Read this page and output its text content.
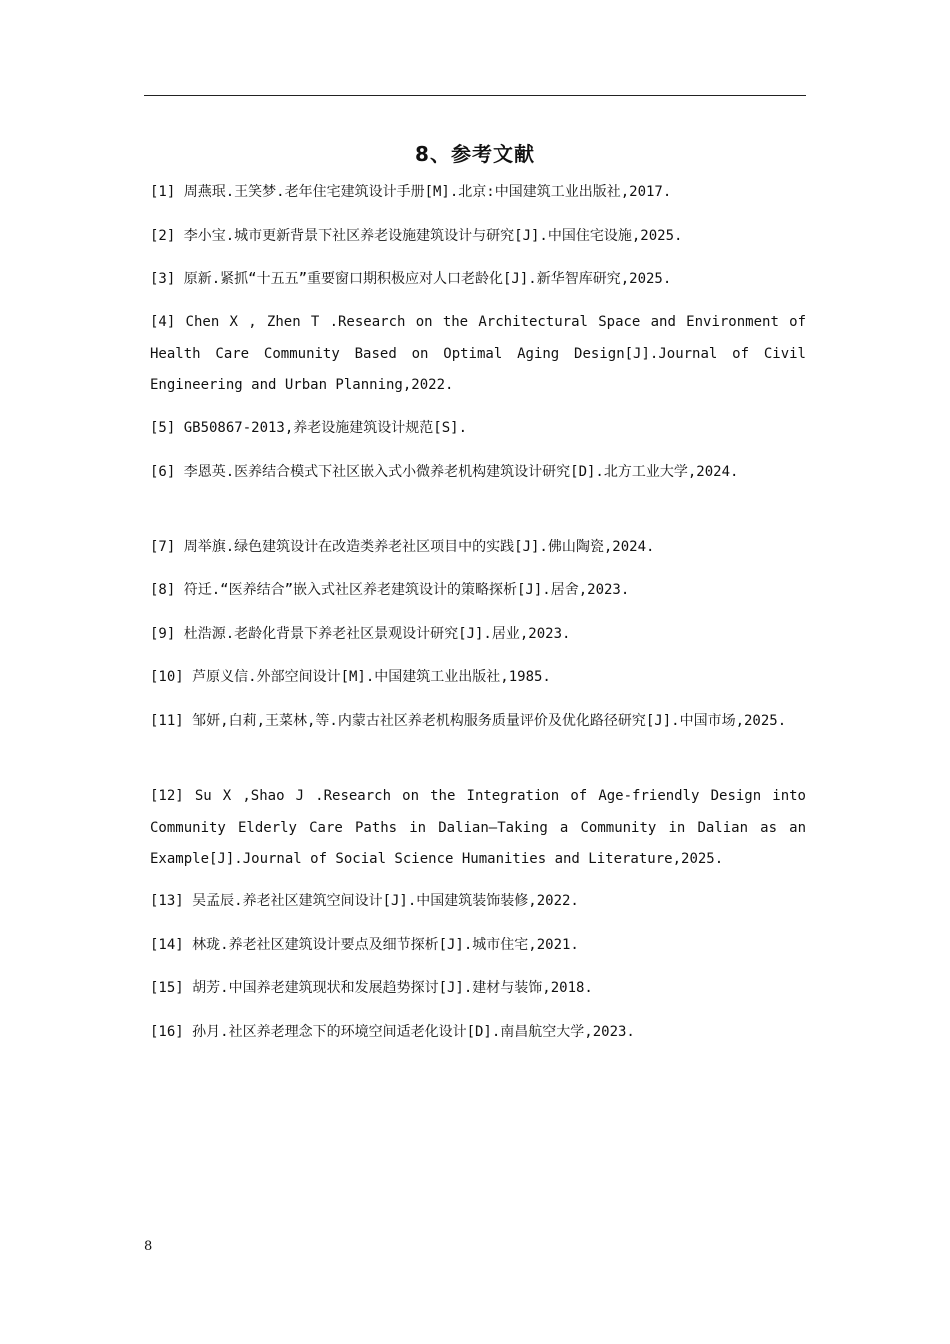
8、参考文献
[1] 周燕珉.王笑梦.老年住宅建筑设计手册[M].北京:中国建筑工业出版社,2017.
[2] 李小宝.城市更新背景下社区养老设施建筑设计与研究[J].中国住宅设施,2025.
[3] 原新.紧抓“十五五”重要窗口期积极应对人口老龄化[J].新华智库研究,2025.
[4] Chen X , Zhen T .Research on the Architectural Space and Environment of Health Care Community Based on Optimal Aging Design[J].Journal of Civil Engineering and Urban Planning,2022.
[5] GB50867-2013,养老设施建筑设计规范[S].
[6] 李恩英.医养结合模式下社区嵌入式小微养老机构建筑设计研究[D].北方工业大学,2024.
[7] 周举旗.绿色建筑设计在改造类养老社区项目中的实践[J].佛山陶瓷,2024.
[8] 符迁.“医养结合”嵌入式社区养老建筑设计的策略探析[J].居舍,2023.
[9] 杜浩源.老龄化背景下养老社区景观设计研究[J].居业,2023.
[10] 芦原义信.外部空间设计[M].中国建筑工业出版社,1985.
[11] 邹妍,白莉,王菜林,等.内蒙古社区养老机构服务质量评价及优化路径研究[J].中国市场,2025.
[12] Su X ,Shao J .Research on the Integration of Age-friendly Design into Community Elderly Care Paths in Dalian—Taking a Community in Dalian as an Example[J].Journal of Social Science Humanities and Literature,2025.
[13] 吴孟辰.养老社区建筑空间设计[J].中国建筑装饰装修,2022.
[14] 林珑.养老社区建筑设计要点及细节探析[J].城市住宅,2021.
[15] 胡芳.中国养老建筑现状和发展趋势探讨[J].建材与装饰,2018.
[16] 孙月.社区养老理念下的环境空间适老化设计[D].南昌航空大学,2023.
8
